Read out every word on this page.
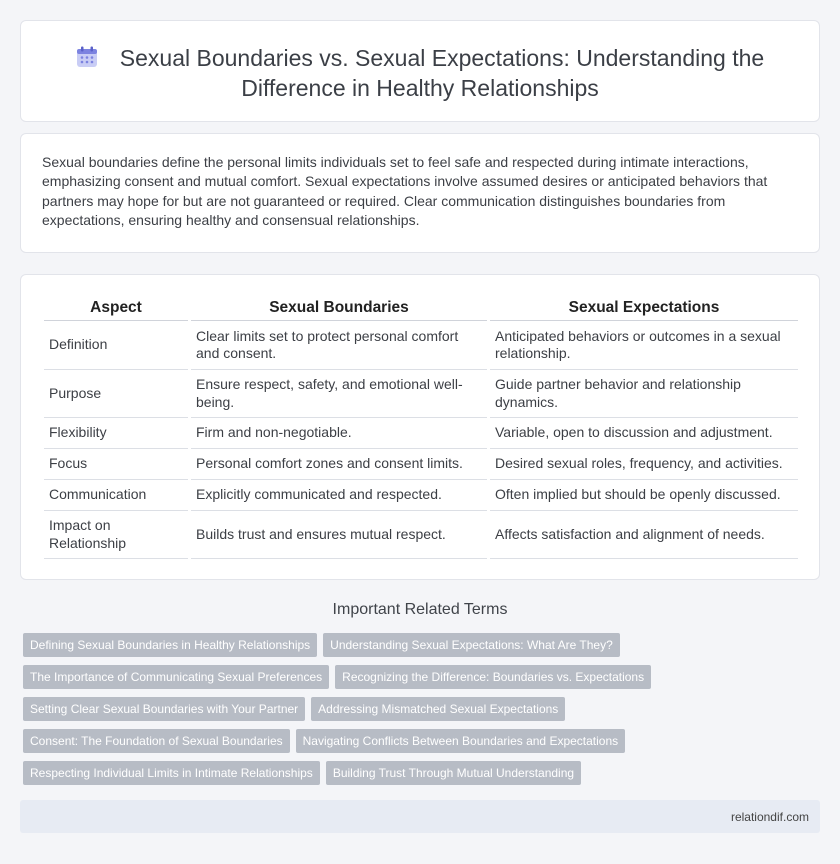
Sexual Boundaries vs. Sexual Expectations: Understanding the Difference in Healthy Relationships

Sexual boundaries define the personal limits individuals set to feel safe and respected during intimate interactions, emphasizing consent and mutual comfort. Sexual expectations involve assumed desires or anticipated behaviors that partners may hope for but are not guaranteed or required. Clear communication distinguishes boundaries from expectations, ensuring healthy and consensual relationships.

Aspect	Sexual Boundaries	Sexual Expectations
Definition	Clear limits set to protect personal comfort and consent.	Anticipated behaviors or outcomes in a sexual relationship.
Purpose	Ensure respect, safety, and emotional well-being.	Guide partner behavior and relationship dynamics.
Flexibility	Firm and non-negotiable.	Variable, open to discussion and adjustment.
Focus	Personal comfort zones and consent limits.	Desired sexual roles, frequency, and activities.
Communication	Explicitly communicated and respected.	Often implied but should be openly discussed.
Impact on Relationship	Builds trust and ensures mutual respect.	Affects satisfaction and alignment of needs.
Important Related Terms
Defining Sexual Boundaries in Healthy Relationships Understanding Sexual Expectations: What Are They?
The Importance of Communicating Sexual Preferences Recognizing the Difference: Boundaries vs. Expectations
Setting Clear Sexual Boundaries with Your Partner Addressing Mismatched Sexual Expectations
Consent: The Foundation of Sexual Boundaries Navigating Conflicts Between Boundaries and Expectations
Respecting Individual Limits in Intimate Relationships Building Trust Through Mutual Understanding
relationdif.com
